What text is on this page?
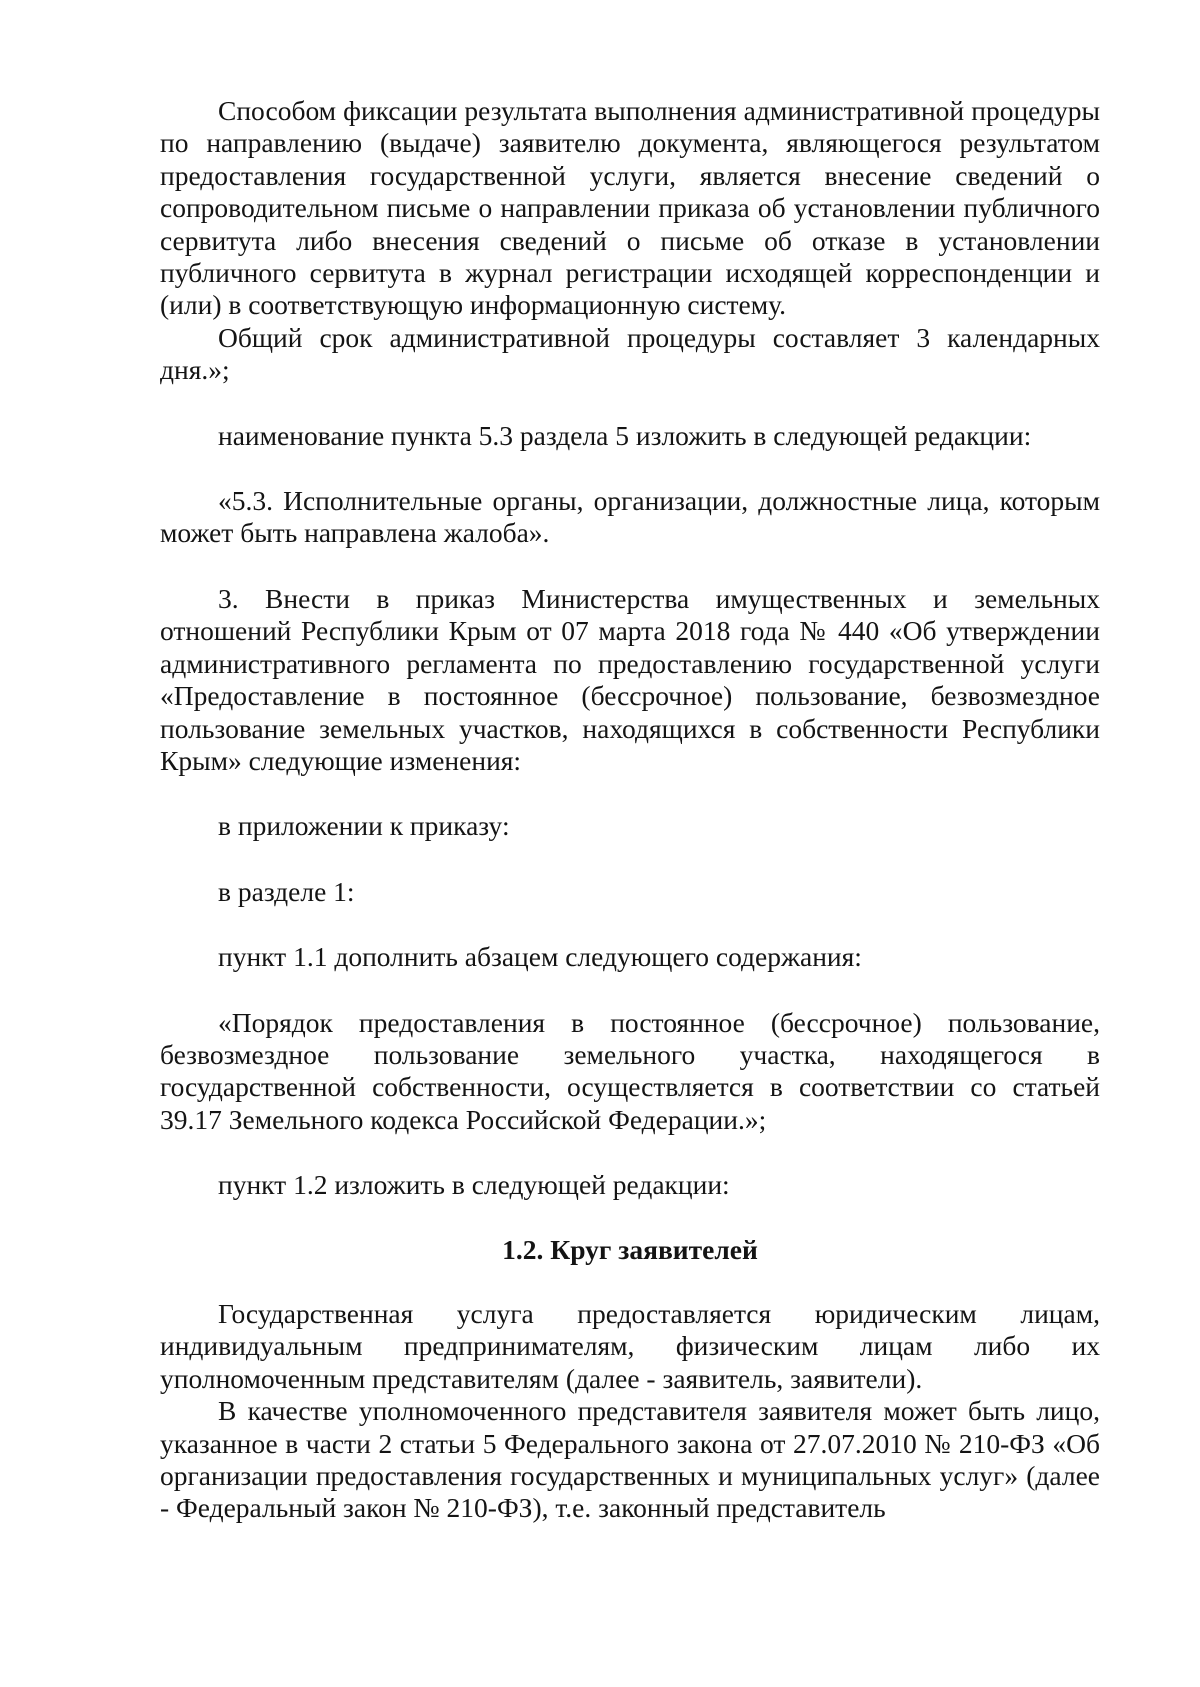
Способом фиксации результата выполнения административной процедуры по направлению (выдаче) заявителю документа, являющегося результатом предоставления государственной услуги, является внесение сведений о сопроводительном письме о направлении приказа об установлении публичного сервитута либо внесения сведений о письме об отказе в установлении публичного сервитута в журнал регистрации исходящей корреспонденции и (или) в соответствующую информационную систему.

Общий срок административной процедуры составляет 3 календарных дня.»;

наименование пункта 5.3 раздела 5 изложить в следующей редакции:

«5.3. Исполнительные органы, организации, должностные лица, которым может быть направлена жалоба».

3. Внести в приказ Министерства имущественных и земельных отношений Республики Крым от 07 марта 2018 года № 440 «Об утверждении административного регламента по предоставлению государственной услуги «Предоставление в постоянное (бессрочное) пользование, безвозмездное пользование земельных участков, находящихся в собственности Республики Крым» следующие изменения:

в приложении к приказу:

в разделе 1:

пункт 1.1 дополнить абзацем следующего содержания:

«Порядок предоставления в постоянное (бессрочное) пользование, безвозмездное пользование земельного участка, находящегося в государственной собственности, осуществляется в соответствии со статьей 39.17 Земельного кодекса Российской Федерации.»;

пункт 1.2 изложить в следующей редакции:

1.2. Круг заявителей

Государственная услуга предоставляется юридическим лицам, индивидуальным предпринимателям, физическим лицам либо их уполномоченным представителям (далее - заявитель, заявители).

В качестве уполномоченного представителя заявителя может быть лицо, указанное в части 2 статьи 5 Федерального закона от 27.07.2010 № 210-ФЗ «Об организации предоставления государственных и муниципальных услуг» (далее - Федеральный закон № 210-ФЗ), т.е. законный представитель
